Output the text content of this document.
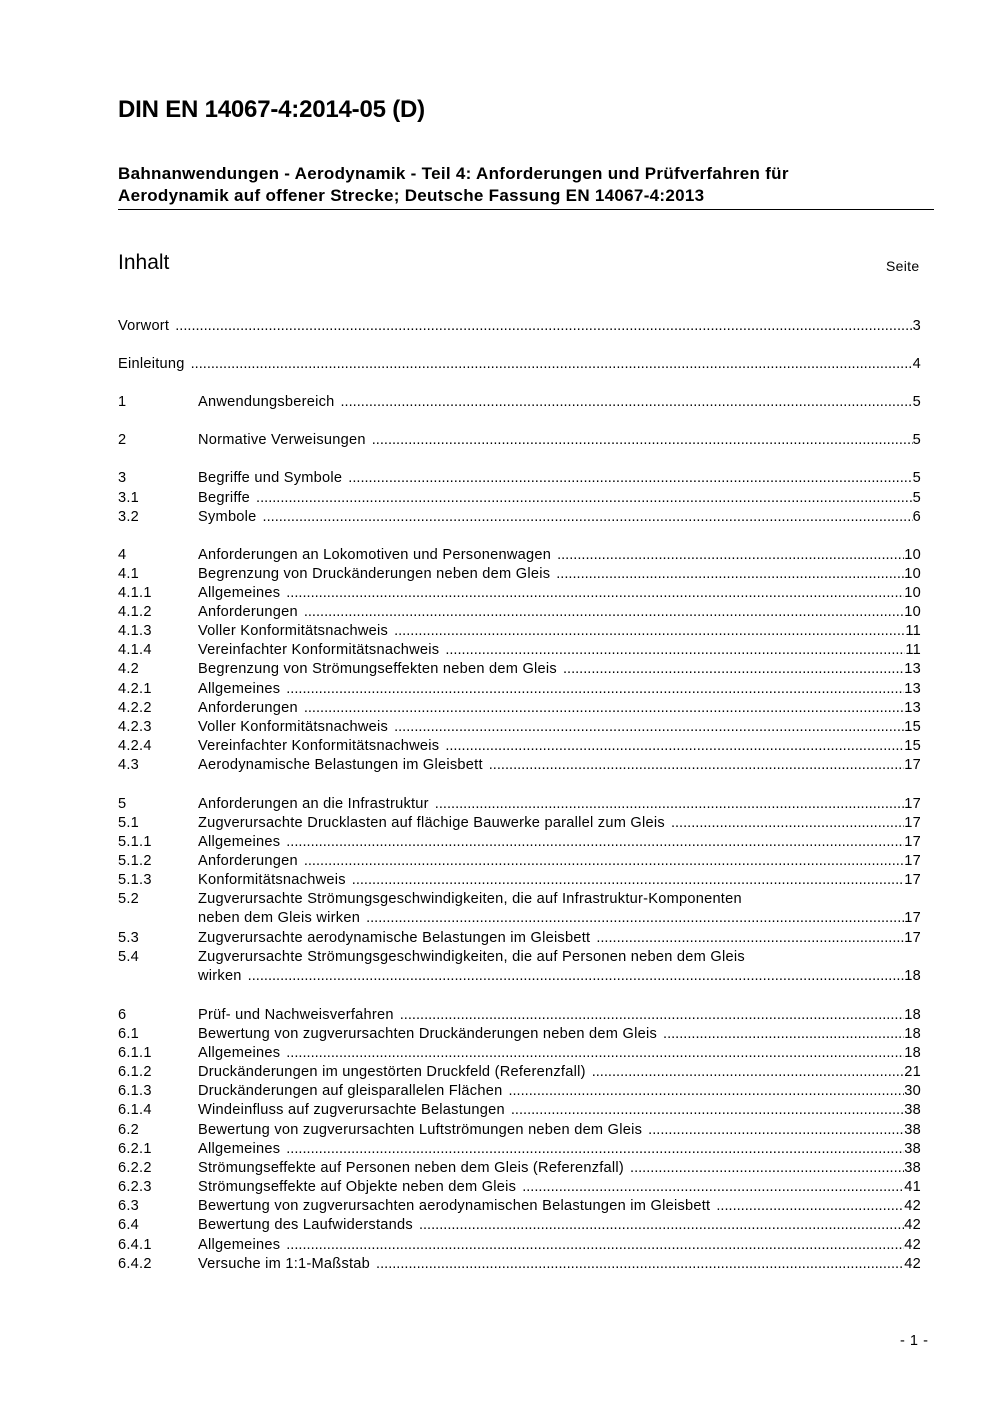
DIN EN 14067-4:2014-05 (D)
Bahnanwendungen - Aerodynamik - Teil 4: Anforderungen und Prüfverfahren für
Aerodynamik auf offener Strecke; Deutsche Fassung EN 14067-4:2013
Inhalt	Seite
Vorwort .....	3
Einleitung .....	4
1	Anwendungsbereich .....	5
2	Normative Verweisungen .....	5
3	Begriffe und Symbole .....	5
3.1	Begriffe .....	5
3.2	Symbole .....	6
4	Anforderungen an Lokomotiven und Personenwagen .....	10
4.1	Begrenzung von Druckänderungen neben dem Gleis .....	10
4.1.1	Allgemeines .....	10
4.1.2	Anforderungen .....	10
4.1.3	Voller Konformitätsnachweis .....	11
4.1.4	Vereinfachter Konformitätsnachweis .....	11
4.2	Begrenzung von Strömungseffekten neben dem Gleis .....	13
4.2.1	Allgemeines .....	13
4.2.2	Anforderungen .....	13
4.2.3	Voller Konformitätsnachweis .....	15
4.2.4	Vereinfachter Konformitätsnachweis .....	15
4.3	Aerodynamische Belastungen im Gleisbett .....	17
5	Anforderungen an die Infrastruktur .....	17
5.1	Zugverursachte Drucklasten auf flächige Bauwerke parallel zum Gleis .....	17
5.1.1	Allgemeines .....	17
5.1.2	Anforderungen .....	17
5.1.3	Konformitätsnachweis .....	17
5.2	Zugverursachte Strömungsgeschwindigkeiten, die auf Infrastruktur-Komponenten
neben dem Gleis wirken .....	17
5.3	Zugverursachte aerodynamische Belastungen im Gleisbett .....	17
5.4	Zugverursachte Strömungsgeschwindigkeiten, die auf Personen neben dem Gleis
wirken .....	18
6	Prüf- und Nachweisverfahren .....	18
6.1	Bewertung von zugverursachten Druckänderungen neben dem Gleis .....	18
6.1.1	Allgemeines .....	18
6.1.2	Druckänderungen im ungestörten Druckfeld (Referenzfall) .....	21
6.1.3	Druckänderungen auf gleisparallelen Flächen .....	30
6.1.4	Windeinfluss auf zugverursachte Belastungen .....	38
6.2	Bewertung von zugverursachten Luftströmungen neben dem Gleis .....	38
6.2.1	Allgemeines .....	38
6.2.2	Strömungseffekte auf Personen neben dem Gleis (Referenzfall) .....	38
6.2.3	Strömungseffekte auf Objekte neben dem Gleis .....	41
6.3	Bewertung von zugverursachten aerodynamischen Belastungen im Gleisbett .....	42
6.4	Bewertung des Laufwiderstands .....	42
6.4.1	Allgemeines .....	42
6.4.2	Versuche im 1:1-Maßstab .....	42
- 1 -
